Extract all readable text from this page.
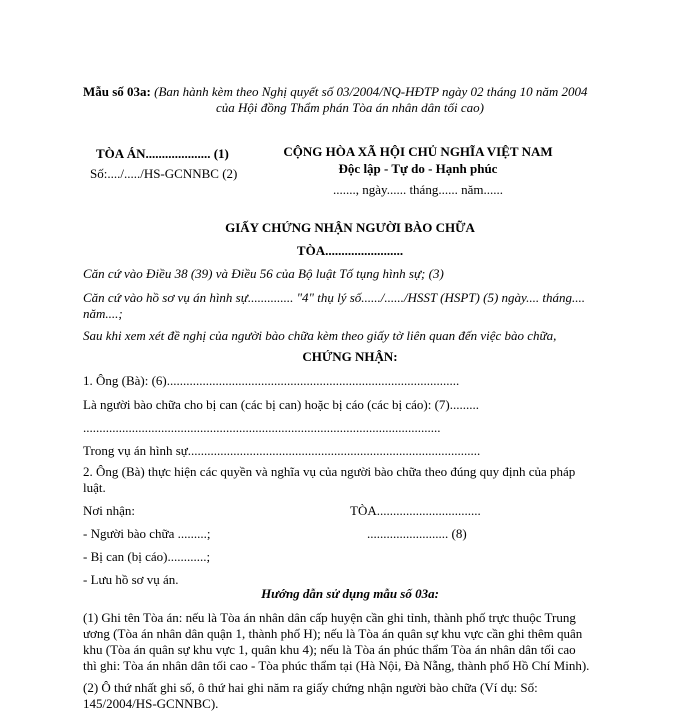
Mẫu số 03a: (Ban hành kèm theo Nghị quyết số 03/2004/NQ-HĐTP ngày 02 tháng 10 năm 2004
của Hội đồng Thẩm phán Tòa án nhân dân tối cao)
TÒA ÁN.................... (1)
Số:..../...../HS-GCNNBC (2)
CỘNG HÒA XÃ HỘI CHỦ NGHĨA VIỆT NAM
Độc lập - Tự do - Hạnh phúc
......., ngày...... tháng...... năm......
GIẤY CHỨNG NHẬN NGƯỜI BÀO CHỮA
TÒA........................
Căn cứ vào Điều 38 (39) và Điều 56 của Bộ luật Tố tụng hình sự; (3)
Căn cứ vào hồ sơ vụ án hình sự.............. "4" thụ lý số....../....../HSST (HSPT) (5) ngày.... tháng....
năm....;
Sau khi xem xét đề nghị của người bào chữa kèm theo giấy tờ liên quan đến việc bào chữa,
CHỨNG NHẬN:
1. Ông (Bà): (6)..........................................................................................
Là người bào chữa cho bị can (các bị can) hoặc bị cáo (các bị cáo): (7).........
..............................................................................................................
Trong vụ án hình sự..........................................................................................
2. Ông (Bà) thực hiện các quyền và nghĩa vụ của người bào chữa theo đúng quy định của pháp
luật.
Nơi nhận:
- Người bào chữa .........;
- Bị can (bị cáo)............;
- Lưu hồ sơ vụ án.
TÒA................................
......................... (8)
Hướng dẫn sử dụng mẫu số 03a:
(1) Ghi tên Tòa án: nếu là Tòa án nhân dân cấp huyện cần ghi tỉnh, thành phố trực thuộc Trung
ương (Tòa án nhân dân quận 1, thành phố H); nếu là Tòa án quân sự khu vực cần ghi thêm quân
khu (Tòa án quân sự khu vực 1, quân khu 4); nếu là Tòa án phúc thẩm Tòa án nhân dân tối cao
thì ghi: Tòa án nhân dân tối cao - Tòa phúc thẩm tại (Hà Nội, Đà Nẵng, thành phố Hồ Chí Minh).
(2) Ô thứ nhất ghi số, ô thứ hai ghi năm ra giấy chứng nhận người bào chữa (Ví dụ: Số:
145/2004/HS-GCNNBC).
